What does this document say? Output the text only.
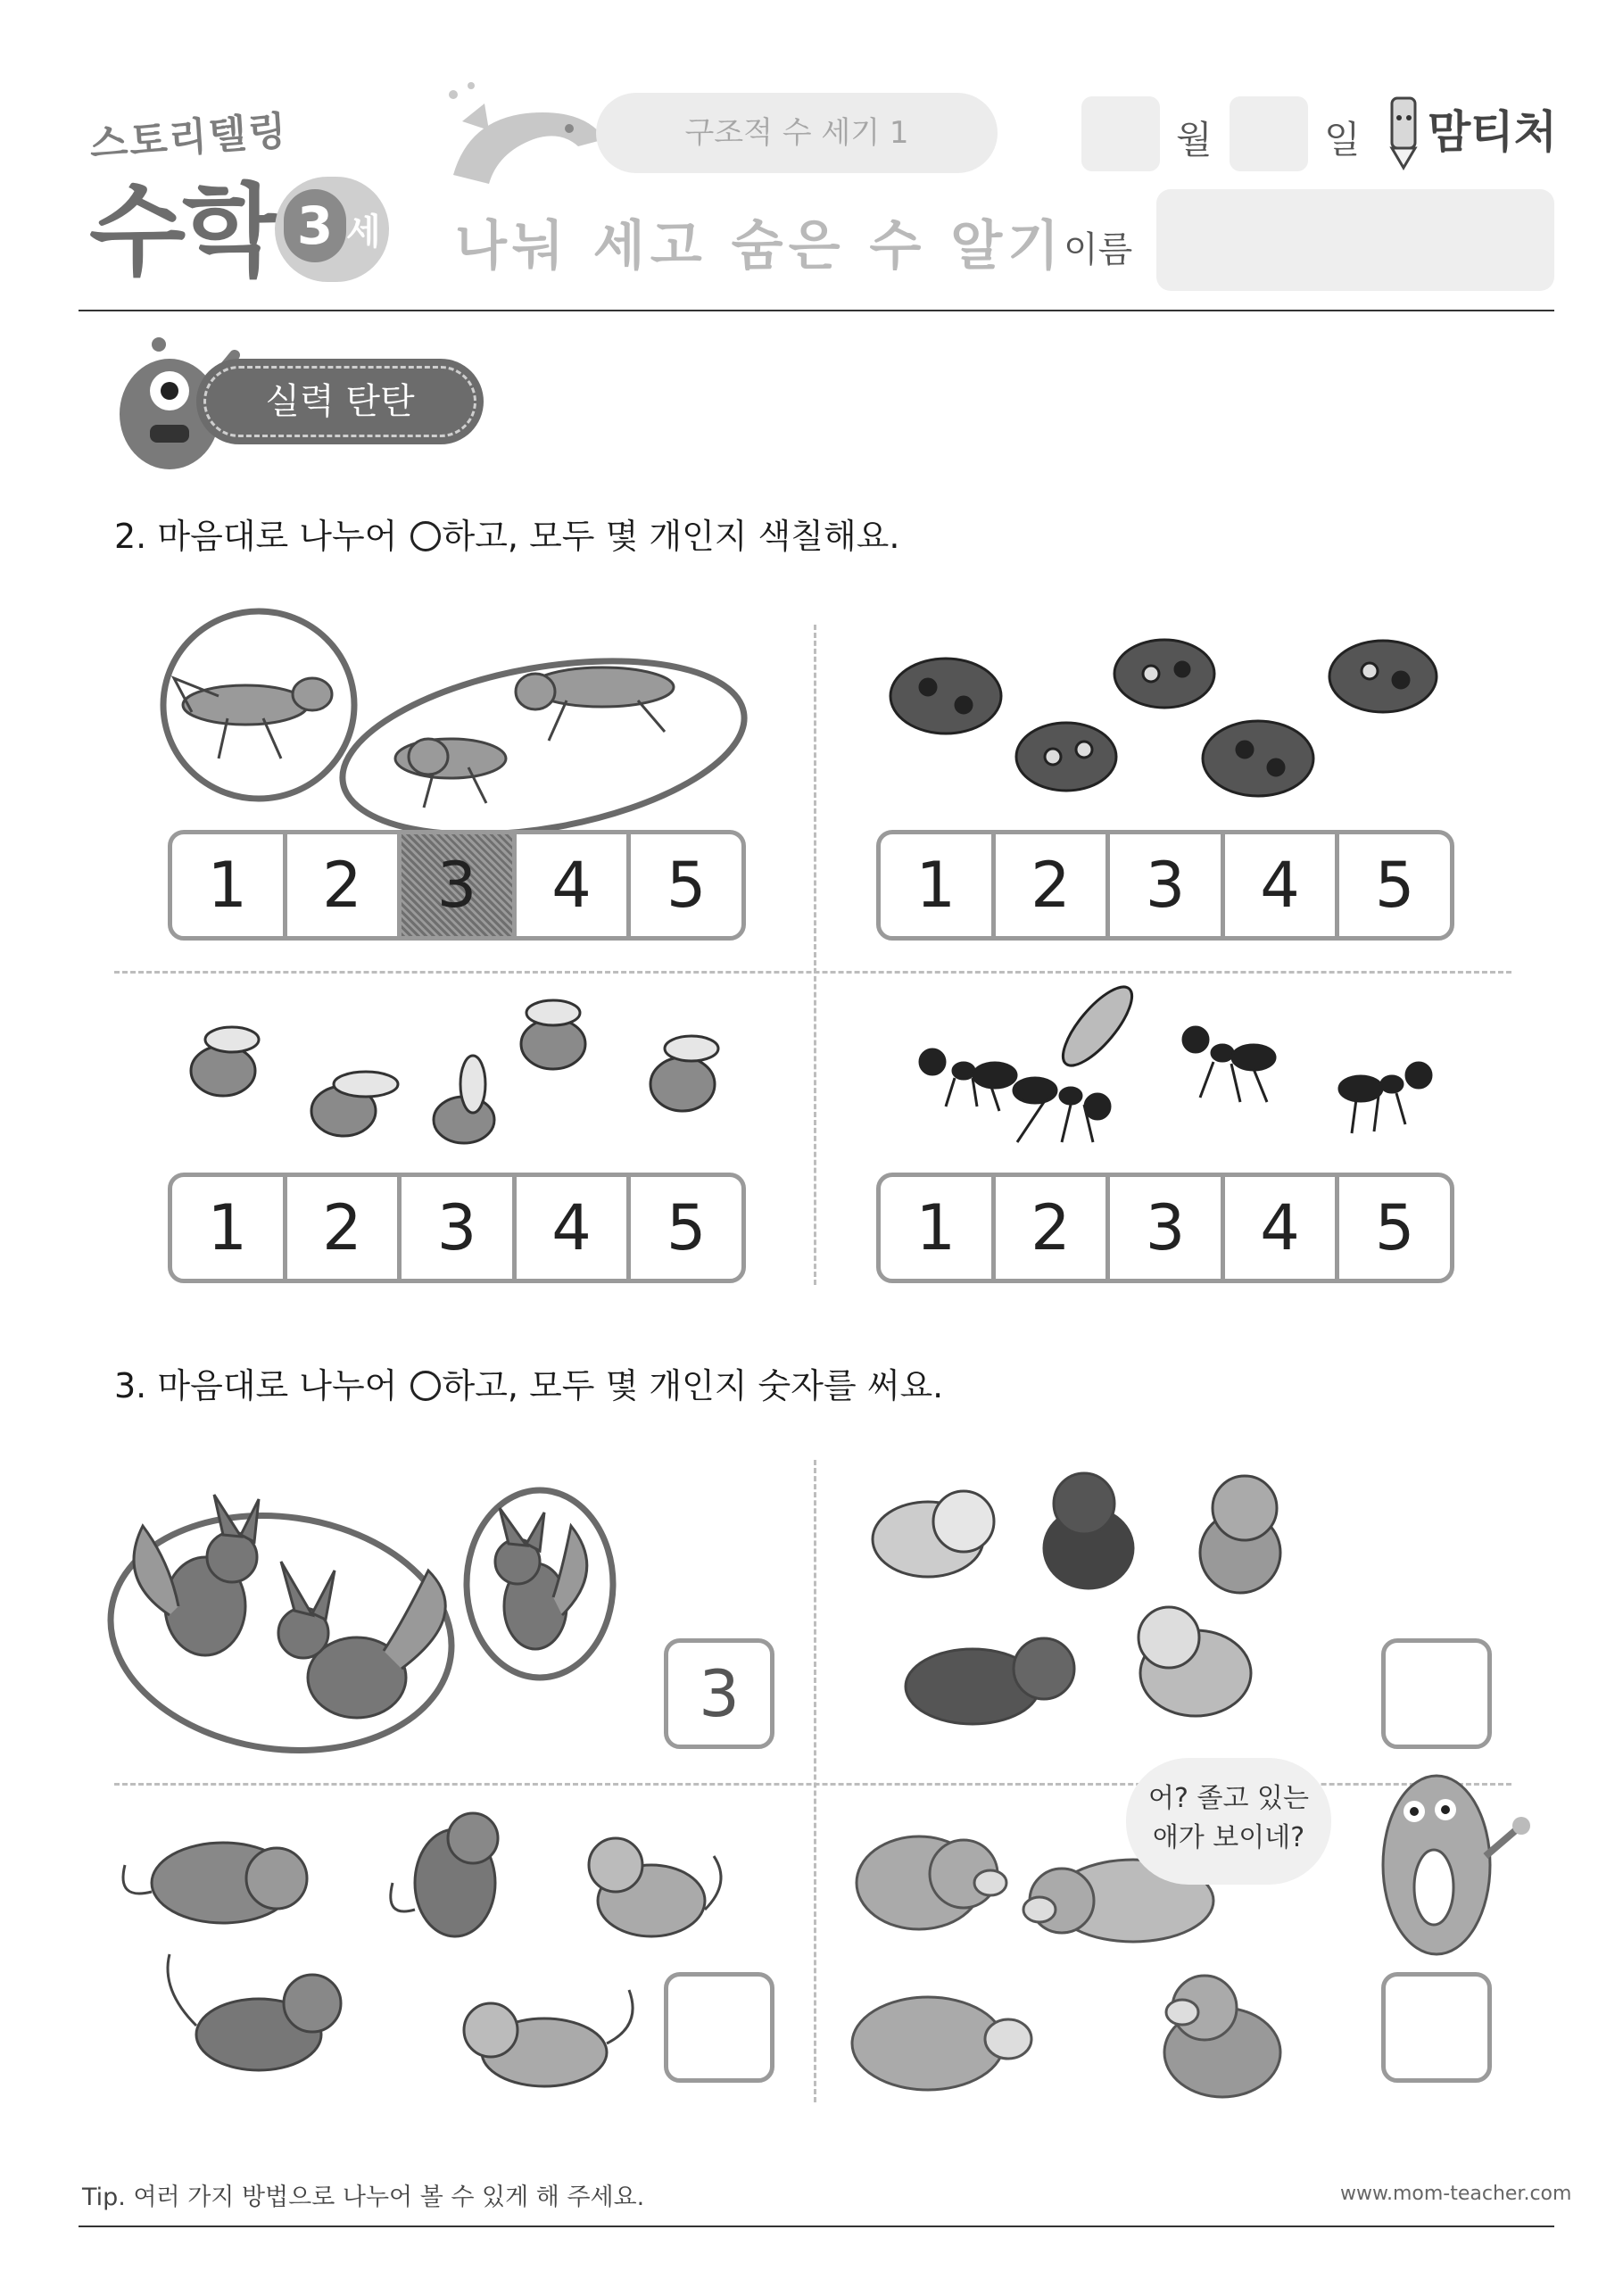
스토리텔링
수학 3 세
구조적 수 세기 1
나눠 세고 숨은 수 알기
월	일 맘티처
이름
실력 탄탄
2. 마음대로 나누어 하고, 모두 몇 개인지 색칠해요.
1	2	3	4	5	1	2	3	4	5
1	2	3	4	5	1	2	3	4	5
3. 마음대로 나누어 하고, 모두 몇 개인지 숫자를 써요.
3
어? 졸고 있는
애가 보이네?
Tip. 여러 가지 방법으로 나누어 볼 수 있게 해 주세요.	www.mom-teacher.com
